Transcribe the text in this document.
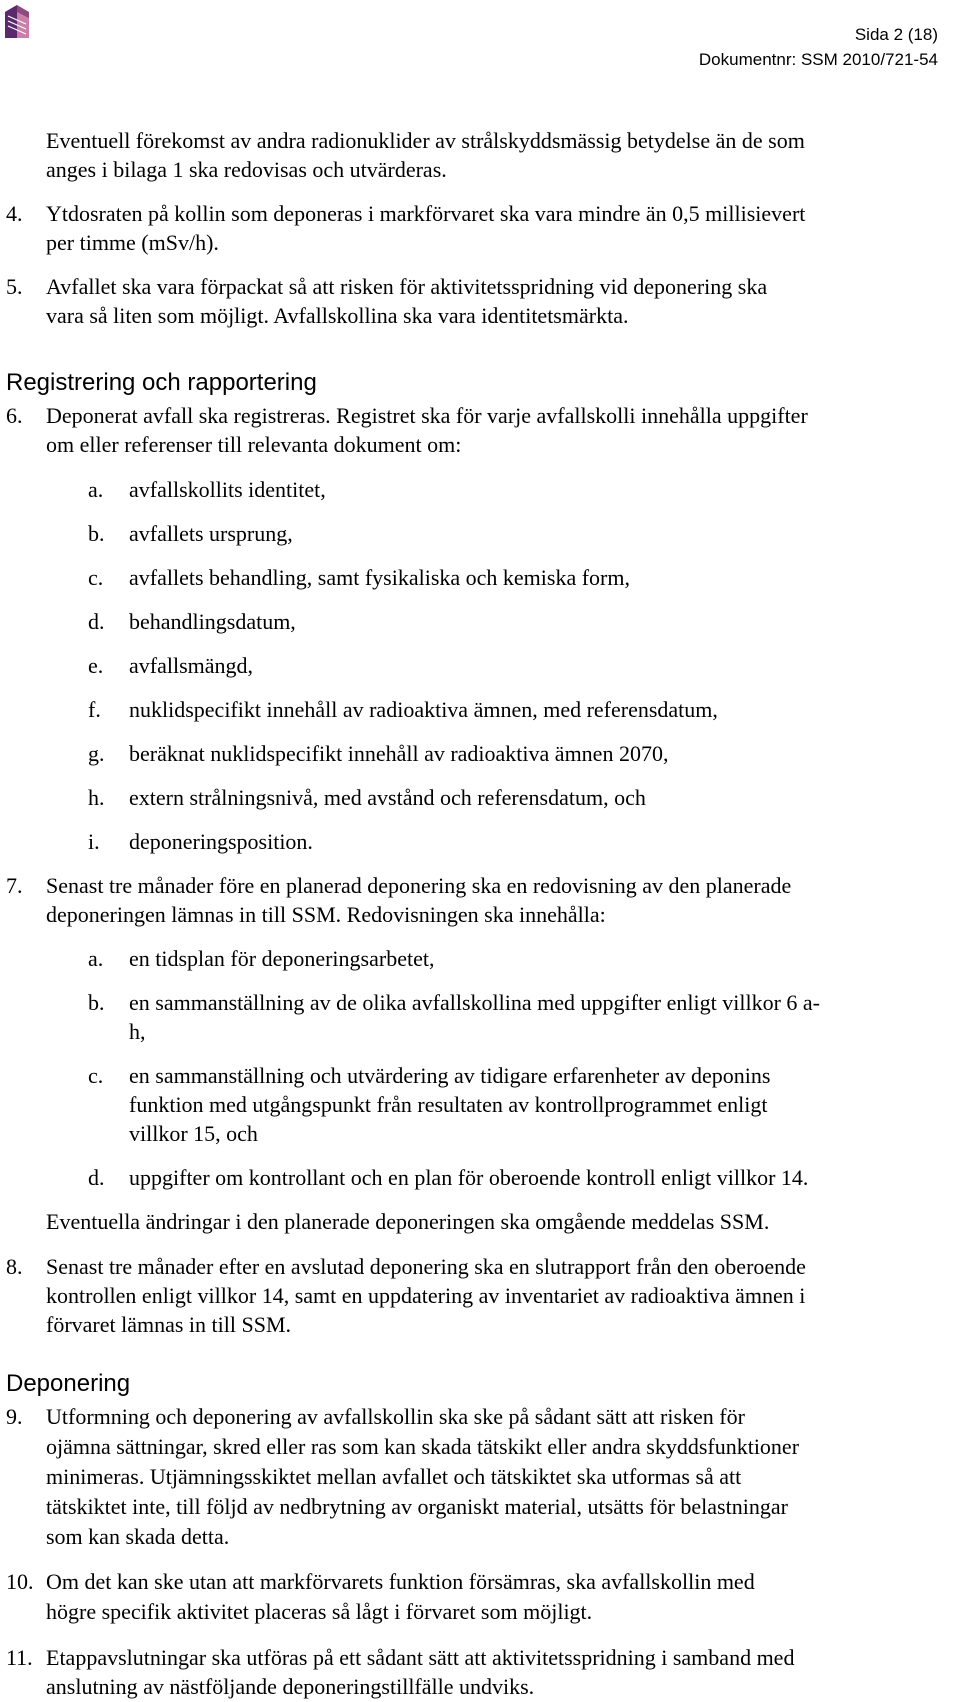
Sida 2 (18)
Dokumentnr: SSM 2010/721-54
Eventuell förekomst av andra radionuklider av strålskyddsmässig betydelse än de som
anges i bilaga 1 ska redovisas och utvärderas.
4. Ytdosraten på kollin som deponeras i markförvaret ska vara mindre än 0,5 millisievert
per timme (mSv/h).
5. Avfallet ska vara förpackat så att risken för aktivitetsspridning vid deponering ska
vara så liten som möjligt. Avfallskollina ska vara identitetsmärkta.
Registrering och rapportering
6. Deponerat avfall ska registreras. Registret ska för varje avfallskolli innehålla uppgifter
om eller referenser till relevanta dokument om:
a. avfallskollits identitet,
b. avfallets ursprung,
c. avfallets behandling, samt fysikaliska och kemiska form,
d. behandlingsdatum,
e. avfallsmängd,
f. nuklidspecifikt innehåll av radioaktiva ämnen, med referensdatum,
g. beräknat nuklidspecifikt innehåll av radioaktiva ämnen 2070,
h. extern strålningsnivå, med avstånd och referensdatum, och
i. deponeringsposition.
7. Senast tre månader före en planerad deponering ska en redovisning av den planerade
deponeringen lämnas in till SSM. Redovisningen ska innehålla:
a. en tidsplan för deponeringsarbetet,
b. en sammanställning av de olika avfallskollina med uppgifter enligt villkor 6 a-
h,
c. en sammanställning och utvärdering av tidigare erfarenheter av deponins
funktion med utgångspunkt från resultaten av kontrollprogrammet enligt
villkor 15, och
d. uppgifter om kontrollant och en plan för oberoende kontroll enligt villkor 14.
Eventuella ändringar i den planerade deponeringen ska omgående meddelas SSM.
8. Senast tre månader efter en avslutad deponering ska en slutrapport från den oberoende
kontrollen enligt villkor 14, samt en uppdatering av inventariet av radioaktiva ämnen i
förvaret lämnas in till SSM.
Deponering
9. Utformning och deponering av avfallskollin ska ske på sådant sätt att risken för
ojämna sättningar, skred eller ras som kan skada tätskikt eller andra skyddsfunktioner
minimeras. Utjämningsskiktet mellan avfallet och tätskiktet ska utformas så att
tätskiktet inte, till följd av nedbrytning av organiskt material, utsätts för belastningar
som kan skada detta.
10. Om det kan ske utan att markförvarets funktion försämras, ska avfallskollin med
högre specifik aktivitet placeras så lågt i förvaret som möjligt.
11. Etappavslutningar ska utföras på ett sådant sätt att aktivitetsspridning i samband med
anslutning av nästföljande deponeringstillfälle undviks.
